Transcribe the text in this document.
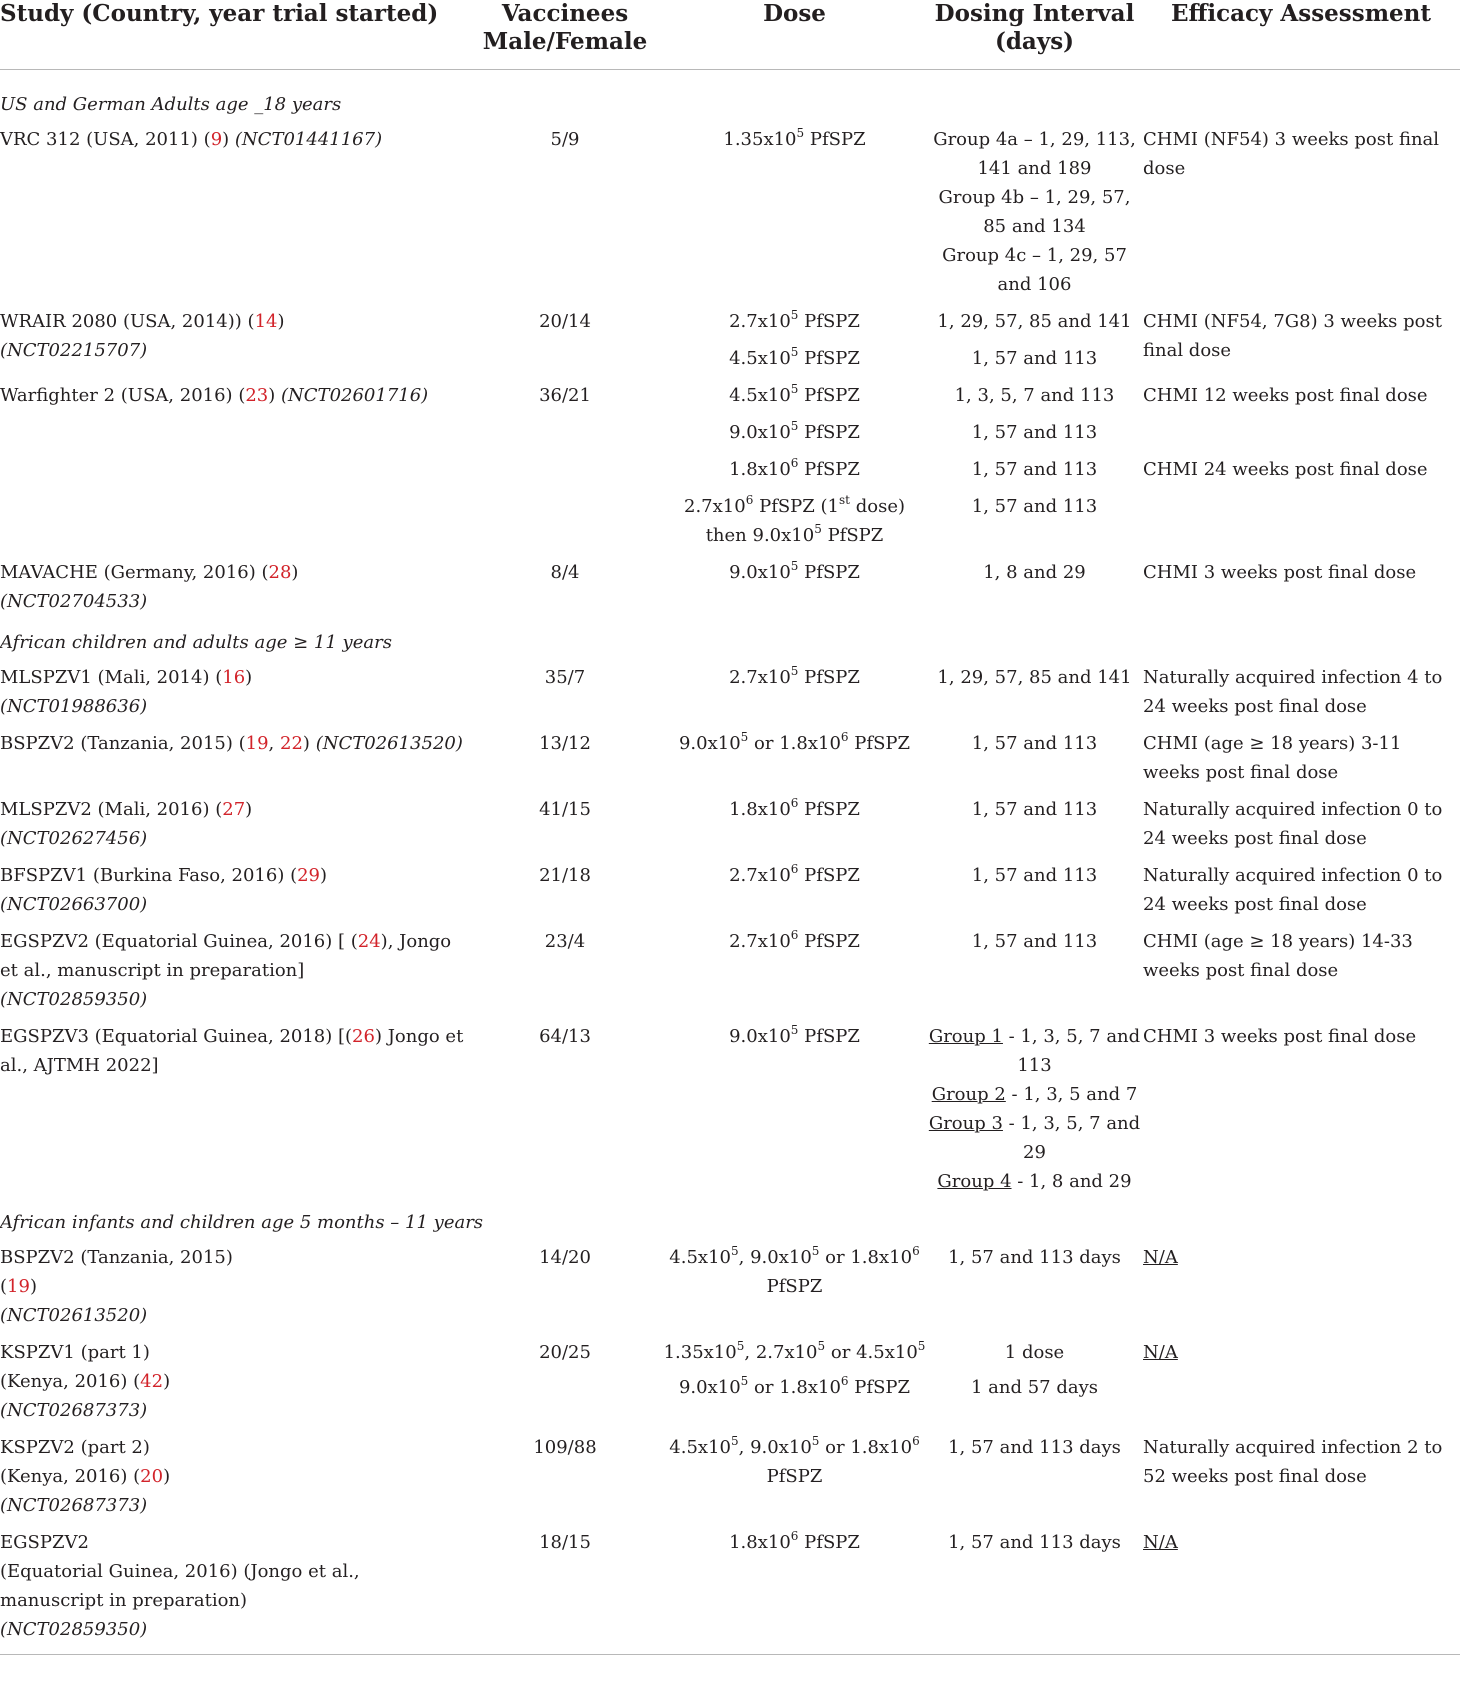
Study (Country, year trial started)	Vaccinees
Male/Female	Dose	Dosing Interval
(days)	Efficacy Assessment
US and German Adults age _18 years				
VRC 312 (USA, 2011) (9) (NCT01441167)	5/9	$1.35x10^5$ PfSPZ	Group 4a – 1, 29, 113, 141 and 189
Group 4b – 1, 29, 57, 85 and 134
Group 4c – 1, 29, 57 and 106	CHMI (NF54) 3 weeks post final dose
WRAIR 2080 (USA, 2014)) (14)
(NCT02215707)	20/14	$2.7x10^5$ PfSPZ	1, 29, 57, 85 and 141	CHMI (NF54, 7G8) 3 weeks post final dose
		$4.5x10^5$ PfSPZ	1, 57 and 113	
Warfighter 2 (USA, 2016) (23) (NCT02601716)	36/21	$4.5x10^5$ PfSPZ	1, 3, 5, 7 and 113	CHMI 12 weeks post final dose
		$9.0x10^5$ PfSPZ	1, 57 and 113	
		$1.8x10^6$ PfSPZ	1, 57 and 113	CHMI 24 weeks post final dose
		$2.7x10^6$ PfSPZ (1st dose)
then $9.0x10^5$ PfSPZ	1, 57 and 113	
MAVACHE (Germany, 2016) (28)
(NCT02704533)	8/4	$9.0x10^5$ PfSPZ	1, 8 and 29	CHMI 3 weeks post final dose
African children and adults age ≥ 11 years				
MLSPZV1 (Mali, 2014) (16)
(NCT01988636)	35/7	$2.7x10^5$ PfSPZ	1, 29, 57, 85 and 141	Naturally acquired infection 4 to 24 weeks post final dose
BSPZV2 (Tanzania, 2015) (19, 22) (NCT02613520)	13/12	$9.0x10^5$ or $1.8x10^6$ PfSPZ	1, 57 and 113	CHMI (age ≥ 18 years) 3-11 weeks post final dose
MLSPZV2 (Mali, 2016) (27)
(NCT02627456)	41/15	$1.8x10^6$ PfSPZ	1, 57 and 113	Naturally acquired infection 0 to 24 weeks post final dose
BFSPZV1 (Burkina Faso, 2016) (29)
(NCT02663700)	21/18	$2.7x10^6$ PfSPZ	1, 57 and 113	Naturally acquired infection 0 to 24 weeks post final dose
EGSPZV2 (Equatorial Guinea, 2016) [ (24), Jongo et al., manuscript in preparation]
(NCT02859350)	23/4	$2.7x10^6$ PfSPZ	1, 57 and 113	CHMI (age ≥ 18 years) 14-33 weeks post final dose
EGSPZV3 (Equatorial Guinea, 2018) [(26) Jongo et al., AJTMH 2022]	64/13	$9.0x10^5$ PfSPZ	Group 1 - 1, 3, 5, 7 and 113
Group 2 - 1, 3, 5 and 7
Group 3 - 1, 3, 5, 7 and 29
Group 4 - 1, 8 and 29	CHMI 3 weeks post final dose
African infants and children age 5 months – 11 years				
BSPZV2 (Tanzania, 2015)
(19)
(NCT02613520)	14/20	$4.5x10^5$, $9.0x10^5$ or $1.8x10^6$
PfSPZ	1, 57 and 113 days	N/A
KSPZV1 (part 1)
(Kenya, 2016) (42)
(NCT02687373)	20/25	$1.35x10^5$, $2.7x10^5$ or $4.5x10^5$
$9.0x10^5$ or $1.8x10^6$ PfSPZ	1 dose
1 and 57 days	N/A
KSPZV2 (part 2)
(Kenya, 2016) (20)
(NCT02687373)	109/88	$4.5x10^5$, $9.0x10^5$ or $1.8x10^6$
PfSPZ	1, 57 and 113 days	Naturally acquired infection 2 to 52 weeks post final dose
EGSPZV2
(Equatorial Guinea, 2016) (Jongo et al., manuscript in preparation)
(NCT02859350)	18/15	$1.8x10^6$ PfSPZ	1, 57 and 113 days	N/A
